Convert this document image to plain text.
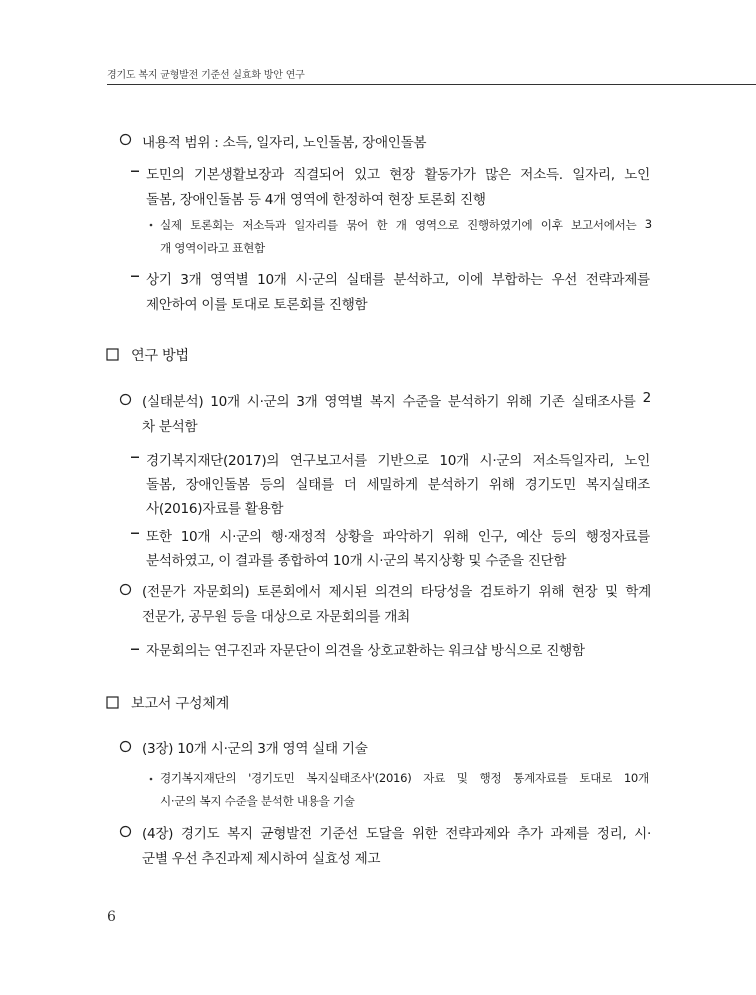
경기도 복지 균형발전 기준선 실효화 방안 연구
내용적 범위 : 소득, 일자리, 노인돌봄, 장애인돌봄
도민의 기본생활보장과 직결되어 있고 현장 활동가가 많은 저소득. 일자리, 노인
돌봄, 장애인돌봄 등 4개 영역에 한정하여 현장 토론회 진행
실제 토론회는 저소득과 일자리를 묶어 한 개 영역으로 진행하였기에 이후 보고서에서는 3
개 영역이라고 표현함
상기 3개 영역별 10개 시·군의 실태를 분석하고, 이에 부합하는 우선 전략과제를
제안하여 이를 토대로 토론회를 진행함
연구 방법
(실태분석) 10개 시·군의 3개 영역별 복지 수준을 분석하기 위해 기존 실태조사를 2
차 분석함
경기복지재단(2017)의 연구보고서를 기반으로 10개 시·군의 저소득일자리, 노인
돌봄, 장애인돌봄 등의 실태를 더 세밀하게 분석하기 위해 경기도민 복지실태조
사(2016)자료를 활용함
또한 10개 시·군의 행·재정적 상황을 파악하기 위해 인구, 예산 등의 행정자료를
분석하였고, 이 결과를 종합하여 10개 시·군의 복지상황 및 수준을 진단함
(전문가 자문회의) 토론회에서 제시된 의견의 타당성을 검토하기 위해 현장 및 학계
전문가, 공무원 등을 대상으로 자문회의를 개최
자문회의는 연구진과 자문단이 의견을 상호교환하는 워크샵 방식으로 진행함
보고서 구성체계
(3장) 10개 시·군의 3개 영역 실태 기술
경기복지재단의 '경기도민 복지실태조사'(2016) 자료 및 행정 통계자료를 토대로 10개
시·군의 복지 수준을 분석한 내용을 기술
(4장) 경기도 복지 균형발전 기준선 도달을 위한 전략과제와 추가 과제를 정리, 시·
군별 우선 추진과제 제시하여 실효성 제고
6
